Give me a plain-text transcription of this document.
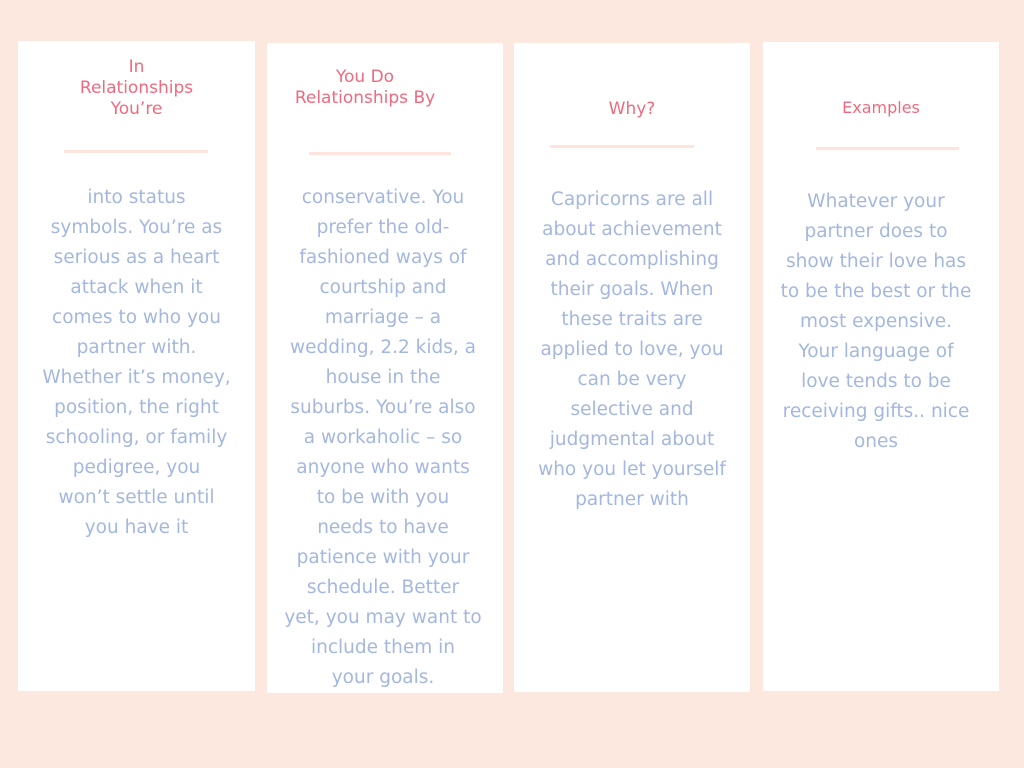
In
Relationships
You’re
into status
symbols. You’re as
serious as a heart
attack when it
comes to who you
partner with.
Whether it’s money,
position, the right
schooling, or family
pedigree, you
won’t settle until
you have it
You Do
Relationships By
conservative. You
prefer the old-
fashioned ways of
courtship and
marriage – a
wedding, 2.2 kids, a
house in the
suburbs. You’re also
a workaholic – so
anyone who wants
to be with you
needs to have
patience with your
schedule. Better
yet, you may want to
include them in
your goals.
Why?
Capricorns are all
about achievement
and accomplishing
their goals. When
these traits are
applied to love, you
can be very
selective and
judgmental about
who you let yourself
partner with
Examples
Whatever your
partner does to
show their love has
to be the best or the
most expensive.
Your language of
love tends to be
receiving gifts.. nice
ones
